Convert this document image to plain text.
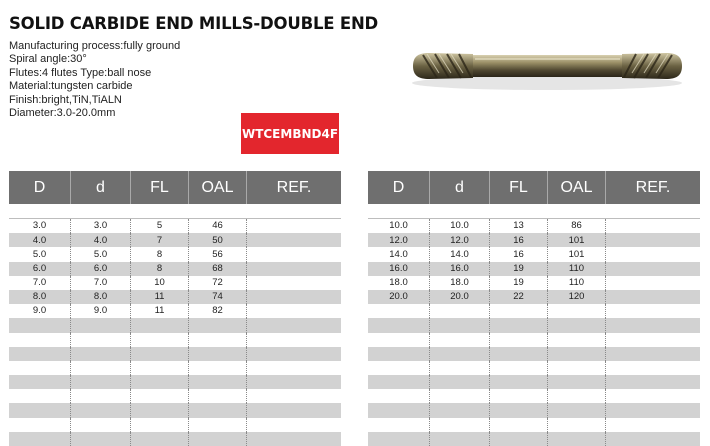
SOLID CARBIDE END MILLS-DOUBLE END
Manufacturing process:fully ground
Spiral angle:30°
Flutes:4 flutes Type:ball nose
Material:tungsten carbide
Finish:bright,TiN,TiALN
Diameter:3.0-20.0mm
WTCEMBND4F
D	d	FL	OAL	REF.
3.0	3.0	5	46
4.0	4.0	7	50
5.0	5.0	8	56
6.0	6.0	8	68
7.0	7.0	10	72
8.0	8.0	11	74
9.0	9.0	11	82
D	d	FL	OAL	REF.
10.0	10.0	13	86
12.0	12.0	16	101
14.0	14.0	16	101
16.0	16.0	19	110
18.0	18.0	19	110
20.0	20.0	22	120
